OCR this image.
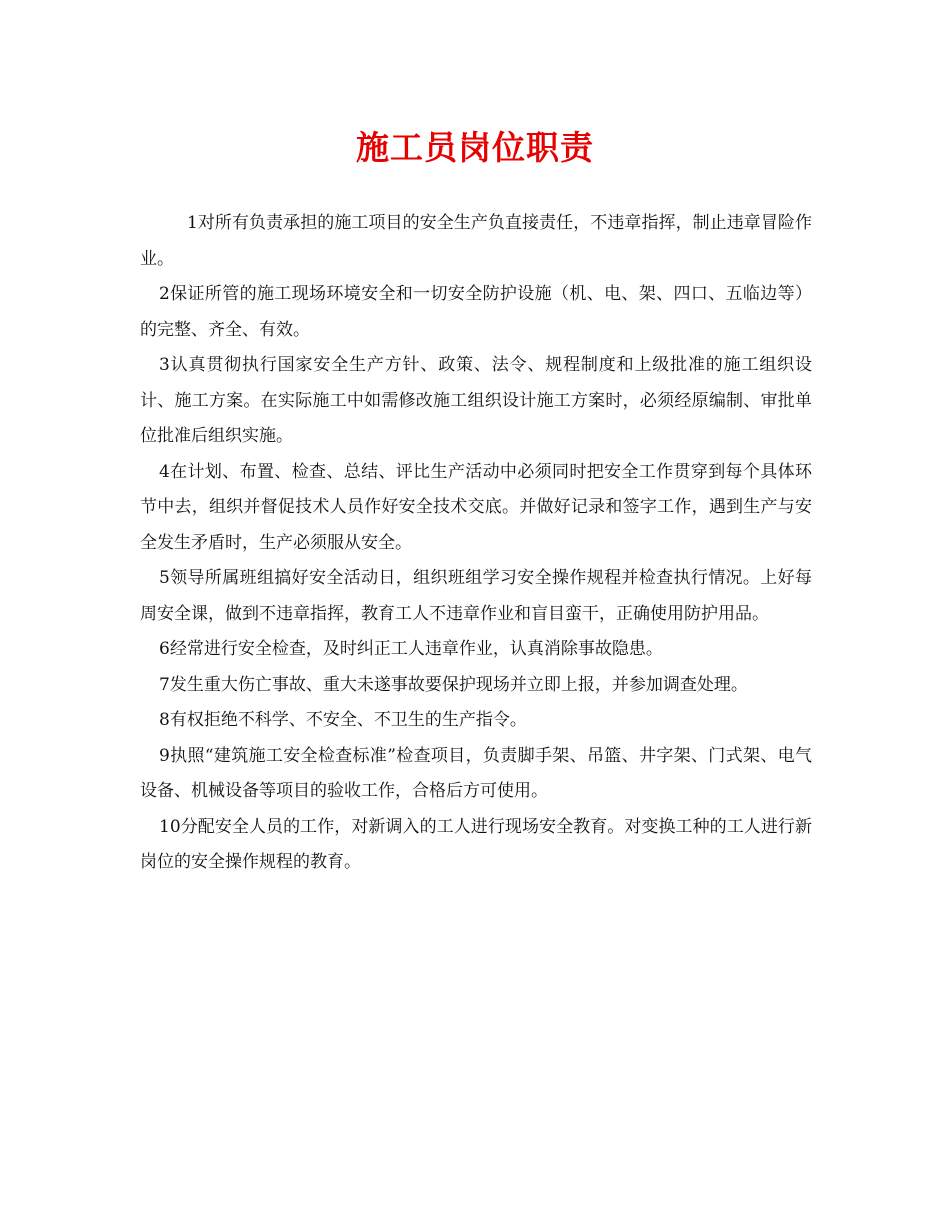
施工员岗位职责

1对所有负责承担的施工项目的安全生产负直接责任，不违章指挥，制止违章冒险作业。

2保证所管的施工现场环境安全和一切安全防护设施（机、电、架、四口、五临边等）的完整、齐全、有效。

3认真贯彻执行国家安全生产方针、政策、法令、规程制度和上级批准的施工组织设计、施工方案。在实际施工中如需修改施工组织设计施工方案时，必须经原编制、审批单位批准后组织实施。

4在计划、布置、检查、总结、评比生产活动中必须同时把安全工作贯穿到每个具体环节中去，组织并督促技术人员作好安全技术交底。并做好记录和签字工作，遇到生产与安全发生矛盾时，生产必须服从安全。

5领导所属班组搞好安全活动日，组织班组学习安全操作规程并检查执行情况。上好每周安全课，做到不违章指挥，教育工人不违章作业和盲目蛮干，正确使用防护用品。

6经常进行安全检查，及时纠正工人违章作业，认真消除事故隐患。

7发生重大伤亡事故、重大未遂事故要保护现场并立即上报，并参加调查处理。

8有权拒绝不科学、不安全、不卫生的生产指令。

9执照“建筑施工安全检查标准”检查项目，负责脚手架、吊篮、井字架、门式架、电气设备、机械设备等项目的验收工作，合格后方可使用。

10分配安全人员的工作，对新调入的工人进行现场安全教育。对变换工种的工人进行新岗位的安全操作规程的教育。
